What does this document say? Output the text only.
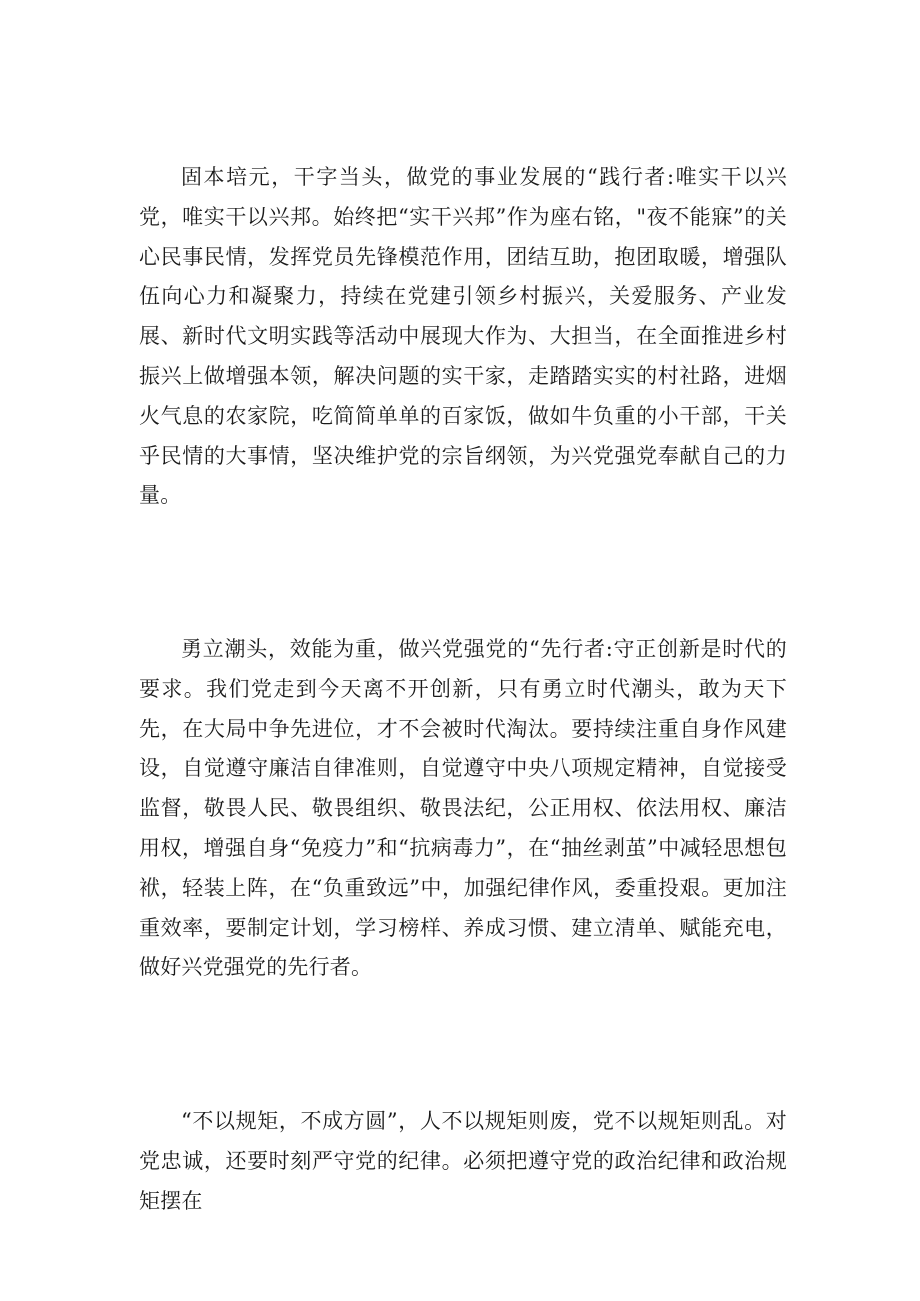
固本培元，干字当头，做党的事业发展的“践行者:唯实干以兴党，唯实干以兴邦。始终把“实干兴邦”作为座右铭，"夜不能寐”的关心民事民情，发挥党员先锋模范作用，团结互助，抱团取暖，增强队伍向心力和凝聚力，持续在党建引领乡村振兴，关爱服务、产业发展、新时代文明实践等活动中展现大作为、大担当，在全面推进乡村振兴上做增强本领，解决问题的实干家，走踏踏实实的村社路，进烟火气息的农家院，吃简简单单的百家饭，做如牛负重的小干部，干关乎民情的大事情，坚决维护党的宗旨纲领，为兴党强党奉献自己的力量。

勇立潮头，效能为重，做兴党强党的“先行者:守正创新是时代的要求。我们党走到今天离不开创新，只有勇立时代潮头，敢为天下先，在大局中争先进位，才不会被时代淘汰。要持续注重自身作风建设，自觉遵守廉洁自律准则，自觉遵守中央八项规定精神，自觉接受监督，敬畏人民、敬畏组织、敬畏法纪，公正用权、依法用权、廉洁用权，增强自身“免疫力”和“抗病毒力”，在“抽丝剥茧”中减轻思想包袱，轻装上阵，在“负重致远”中，加强纪律作风，委重投艰。更加注重效率，要制定计划，学习榜样、养成习惯、建立清单、赋能充电，做好兴党强党的先行者。

“不以规矩，不成方圆”，人不以规矩则废，党不以规矩则乱。对党忠诚，还要时刻严守党的纪律。必须把遵守党的政治纪律和政治规矩摆在
